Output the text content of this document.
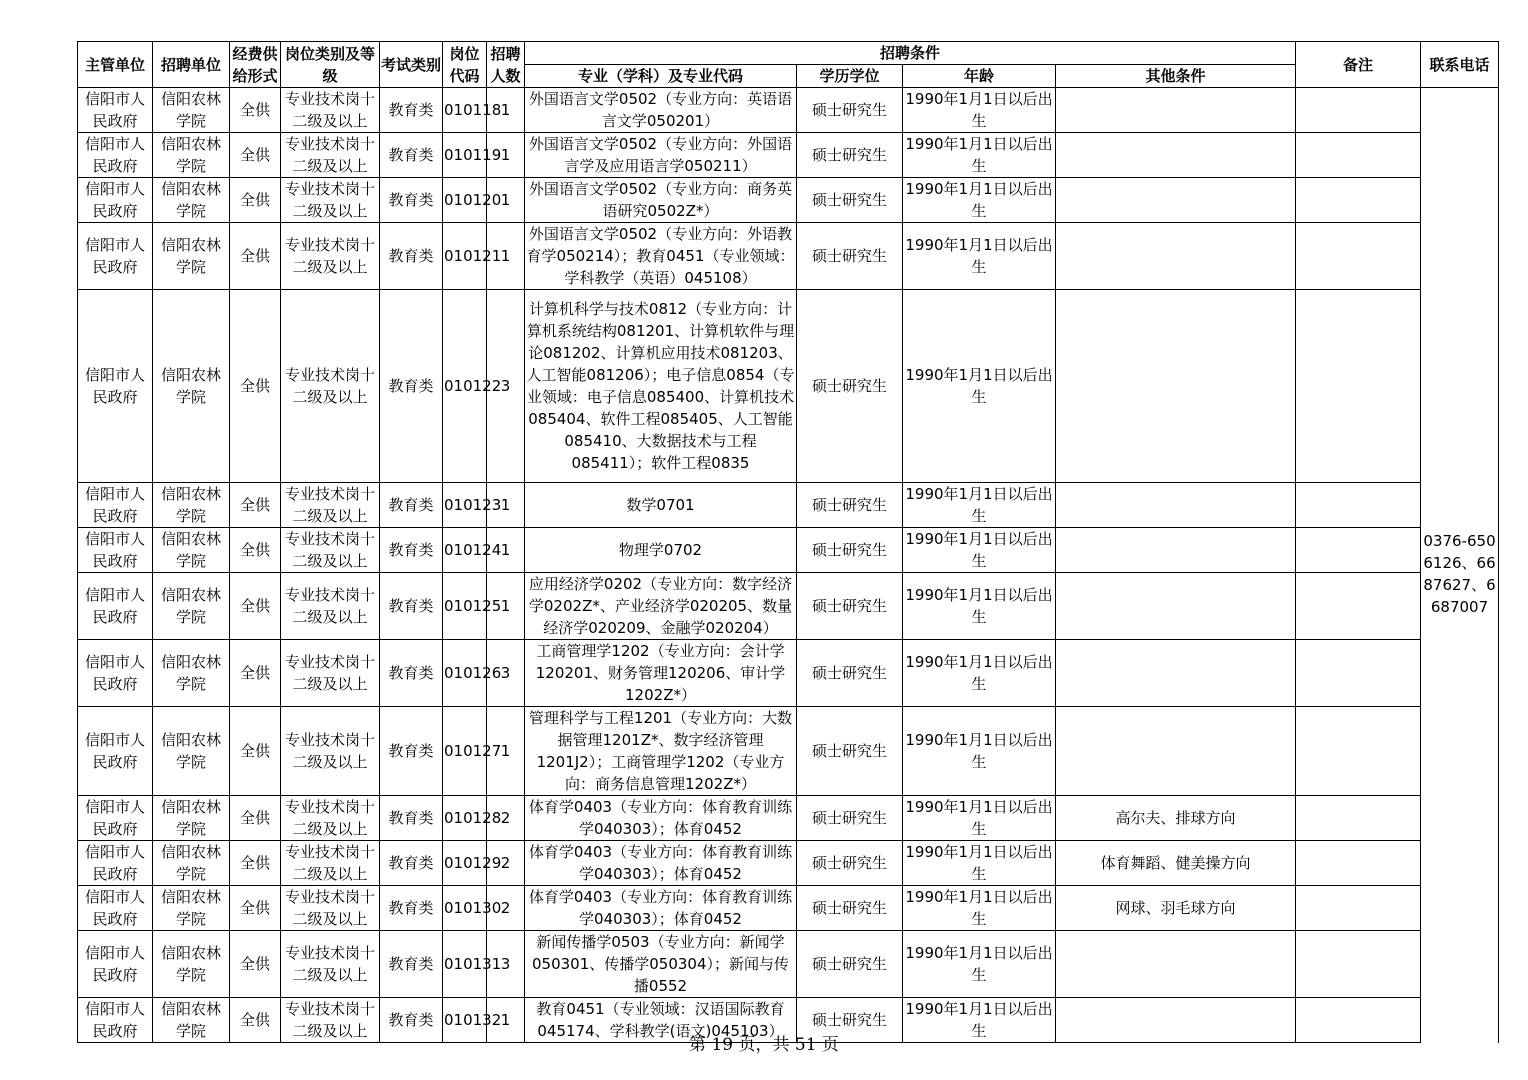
主管单位	招聘单位	经费供给形式	岗位类别及等级	考试类别	岗位代码	招聘人数	招聘条件				备注	联系电话
							专业（学科）及专业代码	学历学位	年龄	其他条件		
信阳市人民政府	信阳农林学院	全供	专业技术岗十二级及以上	教育类	010118	1	外国语言文学0502（专业方向：英语语言文学050201）	硕士研究生	1990年1月1日以后出生			0376-6506126、6687627、6687007
信阳市人民政府	信阳农林学院	全供	专业技术岗十二级及以上	教育类	010119	1	外国语言文学0502（专业方向：外国语言学及应用语言学050211）	硕士研究生	1990年1月1日以后出生			
信阳市人民政府	信阳农林学院	全供	专业技术岗十二级及以上	教育类	010120	1	外国语言文学0502（专业方向：商务英语研究0502Z*）	硕士研究生	1990年1月1日以后出生			
信阳市人民政府	信阳农林学院	全供	专业技术岗十二级及以上	教育类	010121	1	外国语言文学0502（专业方向：外语教育学050214）；教育0451（专业领域：学科教学（英语）045108）	硕士研究生	1990年1月1日以后出生			
信阳市人民政府	信阳农林学院	全供	专业技术岗十二级及以上	教育类	010122	3	计算机科学与技术0812（专业方向：计算机系统结构081201、计算机软件与理论081202、计算机应用技术081203、人工智能081206）；电子信息0854（专业领域：电子信息085400、计算机技术085404、软件工程085405、人工智能085410、大数据技术与工程085411）；软件工程0835	硕士研究生	1990年1月1日以后出生			
信阳市人民政府	信阳农林学院	全供	专业技术岗十二级及以上	教育类	010123	1	数学0701	硕士研究生	1990年1月1日以后出生			
信阳市人民政府	信阳农林学院	全供	专业技术岗十二级及以上	教育类	010124	1	物理学0702	硕士研究生	1990年1月1日以后出生			
信阳市人民政府	信阳农林学院	全供	专业技术岗十二级及以上	教育类	010125	1	应用经济学0202（专业方向：数字经济学0202Z*、产业经济学020205、数量经济学020209、金融学020204）	硕士研究生	1990年1月1日以后出生			
信阳市人民政府	信阳农林学院	全供	专业技术岗十二级及以上	教育类	010126	3	工商管理学1202（专业方向：会计学120201、财务管理120206、审计学1202Z*）	硕士研究生	1990年1月1日以后出生			
信阳市人民政府	信阳农林学院	全供	专业技术岗十二级及以上	教育类	010127	1	管理科学与工程1201（专业方向：大数据管理1201Z*、数字经济管理1201J2）；工商管理学1202（专业方向：商务信息管理1202Z*）	硕士研究生	1990年1月1日以后出生			
信阳市人民政府	信阳农林学院	全供	专业技术岗十二级及以上	教育类	010128	2	体育学0403（专业方向：体育教育训练学040303）；体育0452	硕士研究生	1990年1月1日以后出生	高尔夫、排球方向		
信阳市人民政府	信阳农林学院	全供	专业技术岗十二级及以上	教育类	010129	2	体育学0403（专业方向：体育教育训练学040303）；体育0452	硕士研究生	1990年1月1日以后出生	体育舞蹈、健美操方向		
信阳市人民政府	信阳农林学院	全供	专业技术岗十二级及以上	教育类	010130	2	体育学0403（专业方向：体育教育训练学040303）；体育0452	硕士研究生	1990年1月1日以后出生	网球、羽毛球方向		
信阳市人民政府	信阳农林学院	全供	专业技术岗十二级及以上	教育类	010131	3	新闻传播学0503（专业方向：新闻学050301、传播学050304）；新闻与传播0552	硕士研究生	1990年1月1日以后出生			
信阳市人民政府	信阳农林学院	全供	专业技术岗十二级及以上	教育类	010132	1	教育0451（专业领域：汉语国际教育045174、学科教学(语文)045103）	硕士研究生	1990年1月1日以后出生			
第 19 页，共 51 页
